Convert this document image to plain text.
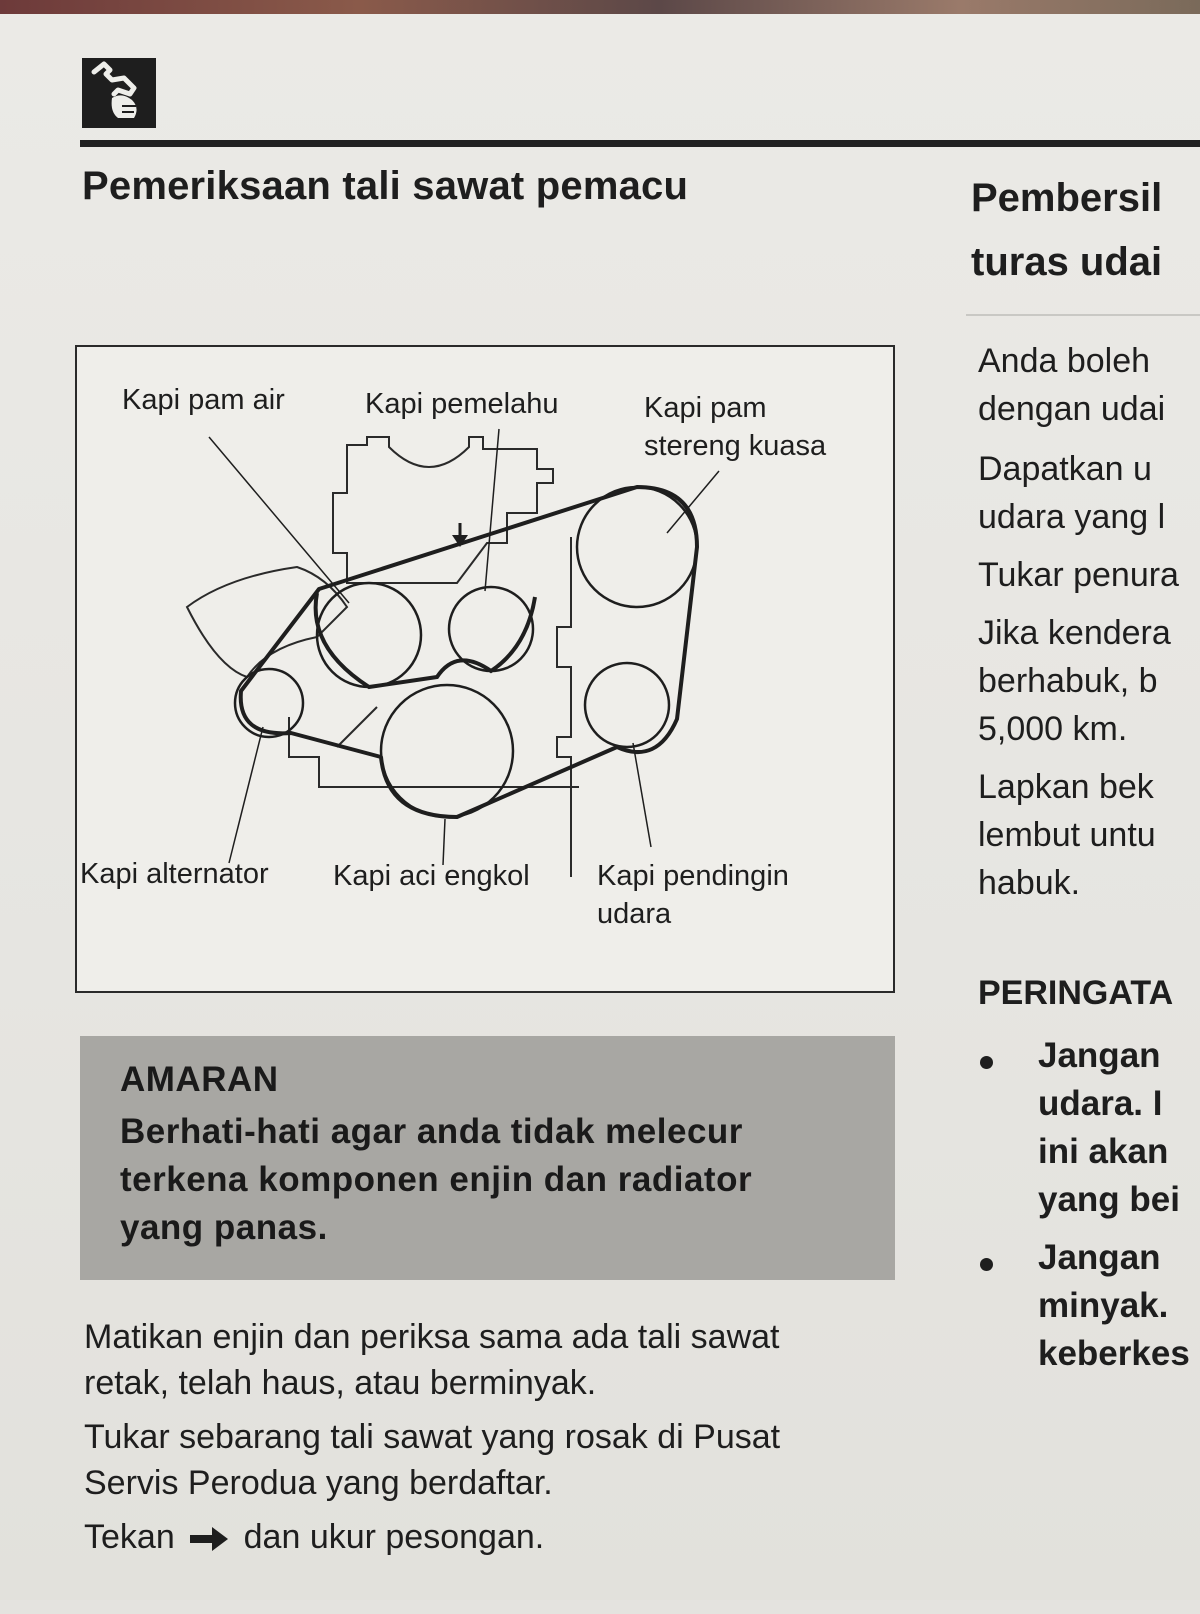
Pemeriksaan tali sawat pemacu
Kapi pam air	Kapi pemelahu	Kapi pam
stereng kuasa
Kapi alternator Kapi aci engkol Kapi pendingin
udara

AMARAN

Berhati-hati agar anda tidak melecur

terkena komponen enjin dan radiator

yang panas.

Matikan enjin dan periksa sama ada tali sawat
retak, telah haus, atau berminyak.

Tukar sebarang tali sawat yang rosak di Pusat
Servis Perodua yang berdaftar.

Tekan dan ukur pesongan.

Pembersil
turas udai
Anda boleh
dengan udai
Dapatkan u
udara yang l
Tukar penura
Jika kendera
berhabuk, b
5,000 km.
Lapkan bek
lembut untu
habuk.
PERINGATA
Jangan
udara. I
ini akan
yang bei
Jangan
minyak.
keberkes
